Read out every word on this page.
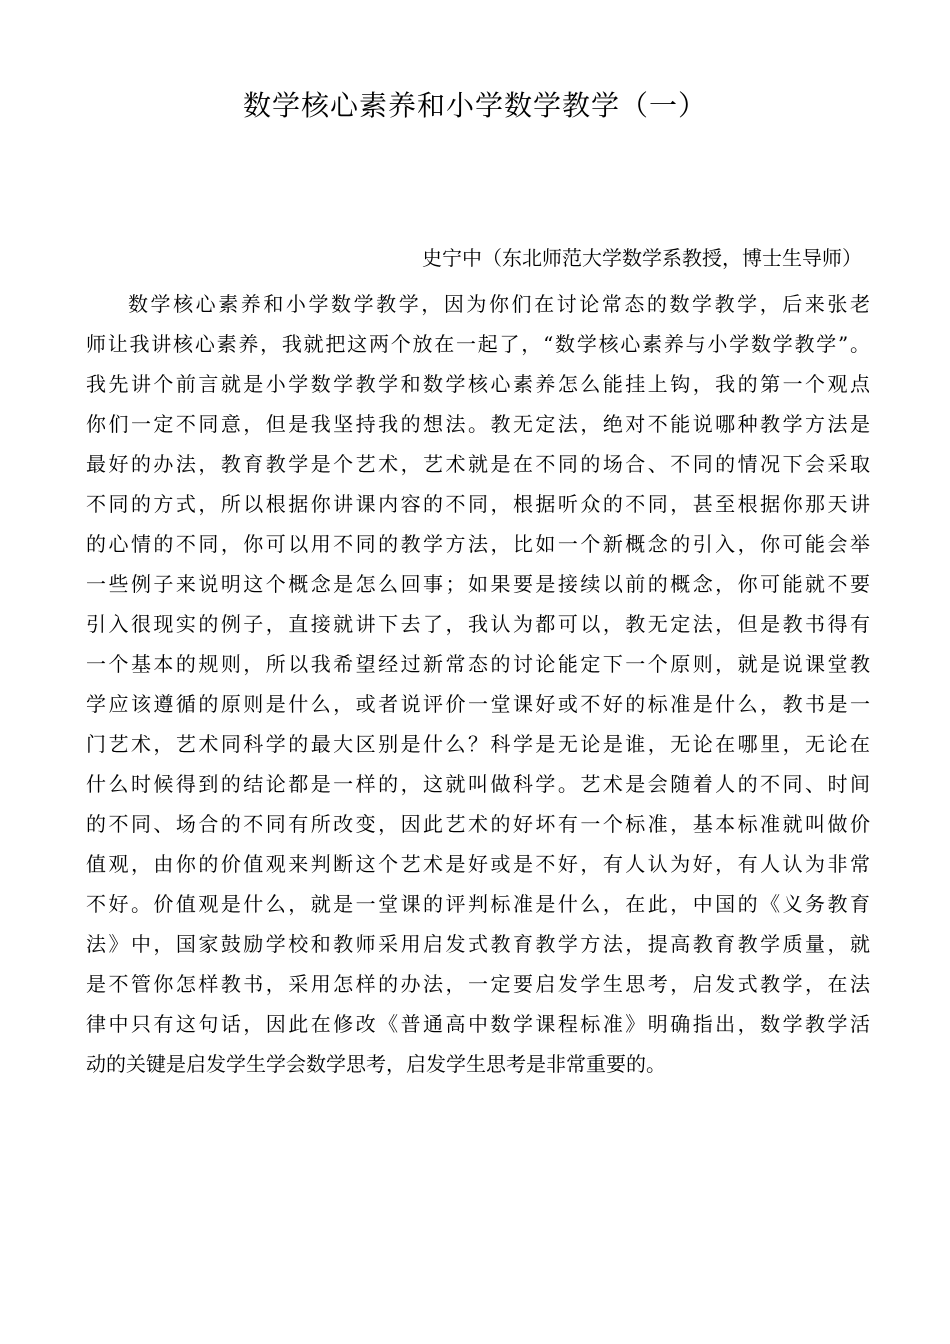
数学核心素养和小学数学教学（一）
史宁中（东北师范大学数学系教授，博士生导师）
数学核心素养和小学数学教学，因为你们在讨论常态的数学教学，后来张老
师让我讲核心素养，我就把这两个放在一起了，“数学核心素养与小学数学教学”。
我先讲个前言就是小学数学教学和数学核心素养怎么能挂上钩，我的第一个观点
你们一定不同意，但是我坚持我的想法。教无定法，绝对不能说哪种教学方法是
最好的办法，教育教学是个艺术，艺术就是在不同的场合、不同的情况下会采取
不同的方式，所以根据你讲课内容的不同，根据听众的不同，甚至根据你那天讲
的心情的不同，你可以用不同的教学方法，比如一个新概念的引入，你可能会举
一些例子来说明这个概念是怎么回事；如果要是接续以前的概念，你可能就不要
引入很现实的例子，直接就讲下去了，我认为都可以，教无定法，但是教书得有
一个基本的规则，所以我希望经过新常态的讨论能定下一个原则，就是说课堂教
学应该遵循的原则是什么，或者说评价一堂课好或不好的标准是什么，教书是一
门艺术，艺术同科学的最大区别是什么？科学是无论是谁，无论在哪里，无论在
什么时候得到的结论都是一样的，这就叫做科学。艺术是会随着人的不同、时间
的不同、场合的不同有所改变，因此艺术的好坏有一个标准，基本标准就叫做价
值观，由你的价值观来判断这个艺术是好或是不好，有人认为好，有人认为非常
不好。价值观是什么，就是一堂课的评判标准是什么，在此，中国的《义务教育
法》中，国家鼓励学校和教师采用启发式教育教学方法，提高教育教学质量，就
是不管你怎样教书，采用怎样的办法，一定要启发学生思考，启发式教学，在法
律中只有这句话，因此在修改《普通高中数学课程标准》明确指出，数学教学活
动的关键是启发学生学会数学思考，启发学生思考是非常重要的。
